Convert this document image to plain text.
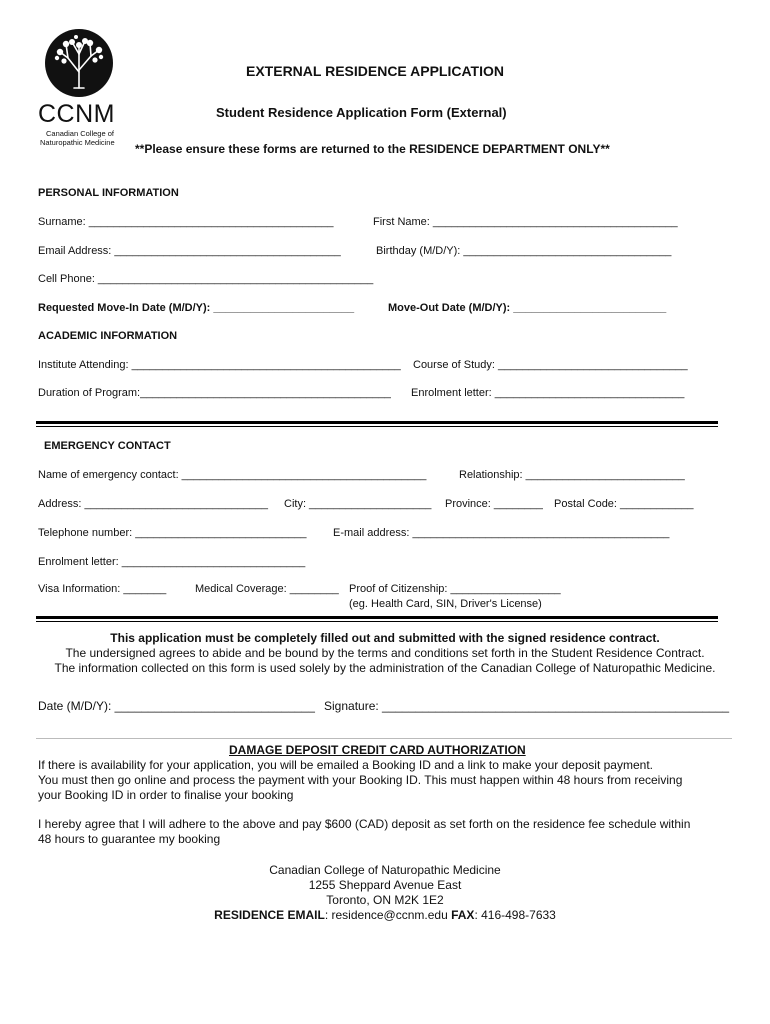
CCNM
Canadian College of
Naturopathic Medicine
EXTERNAL RESIDENCE APPLICATION
Student Residence Application Form (External)
**Please ensure these forms are returned to the RESIDENCE DEPARTMENT ONLY**
PERSONAL INFORMATION
Surname: ________________________________________	First Name: ________________________________________
Email Address: _____________________________________	Birthday (M/D/Y): __________________________________
Cell Phone: _____________________________________________
Requested Move-In Date (M/D/Y): _______________________	Move-Out Date (M/D/Y): _________________________
ACADEMIC INFORMATION
Institute Attending: ____________________________________________ Course of Study: _______________________________
Duration of Program:_________________________________________ Enrolment letter: _______________________________
EMERGENCY CONTACT
Name of emergency contact: ________________________________________	Relationship: __________________________
Address: ______________________________ City: ____________________ Province: ________ Postal Code: ____________
Telephone number: ____________________________ E-mail address: __________________________________________
Enrolment letter: ______________________________
Visa Information: _______	Medical Coverage: ________ Proof of Citizenship: __________________
(eg. Health Card, SIN, Driver's License)
This application must be completely filled out and submitted with the signed residence contract.
The undersigned agrees to abide and be bound by the terms and conditions set forth in the Student Residence Contract.
The information collected on this form is used solely by the administration of the Canadian College of Naturopathic Medicine.
Date (M/D/Y): ______________________________ Signature: ____________________________________________________
DAMAGE DEPOSIT CREDIT CARD AUTHORIZATION
If there is availability for your application, you will be emailed a Booking ID and a link to make your deposit payment.
You must then go online and process the payment with your Booking ID. This must happen within 48 hours from receiving
your Booking ID in order to finalise your booking
I hereby agree that I will adhere to the above and pay $600 (CAD) deposit as set forth on the residence fee schedule within
48 hours to guarantee my booking
Canadian College of Naturopathic Medicine
1255 Sheppard Avenue East
Toronto, ON M2K 1E2
RESIDENCE EMAIL: residence@ccnm.edu FAX: 416-498-7633
